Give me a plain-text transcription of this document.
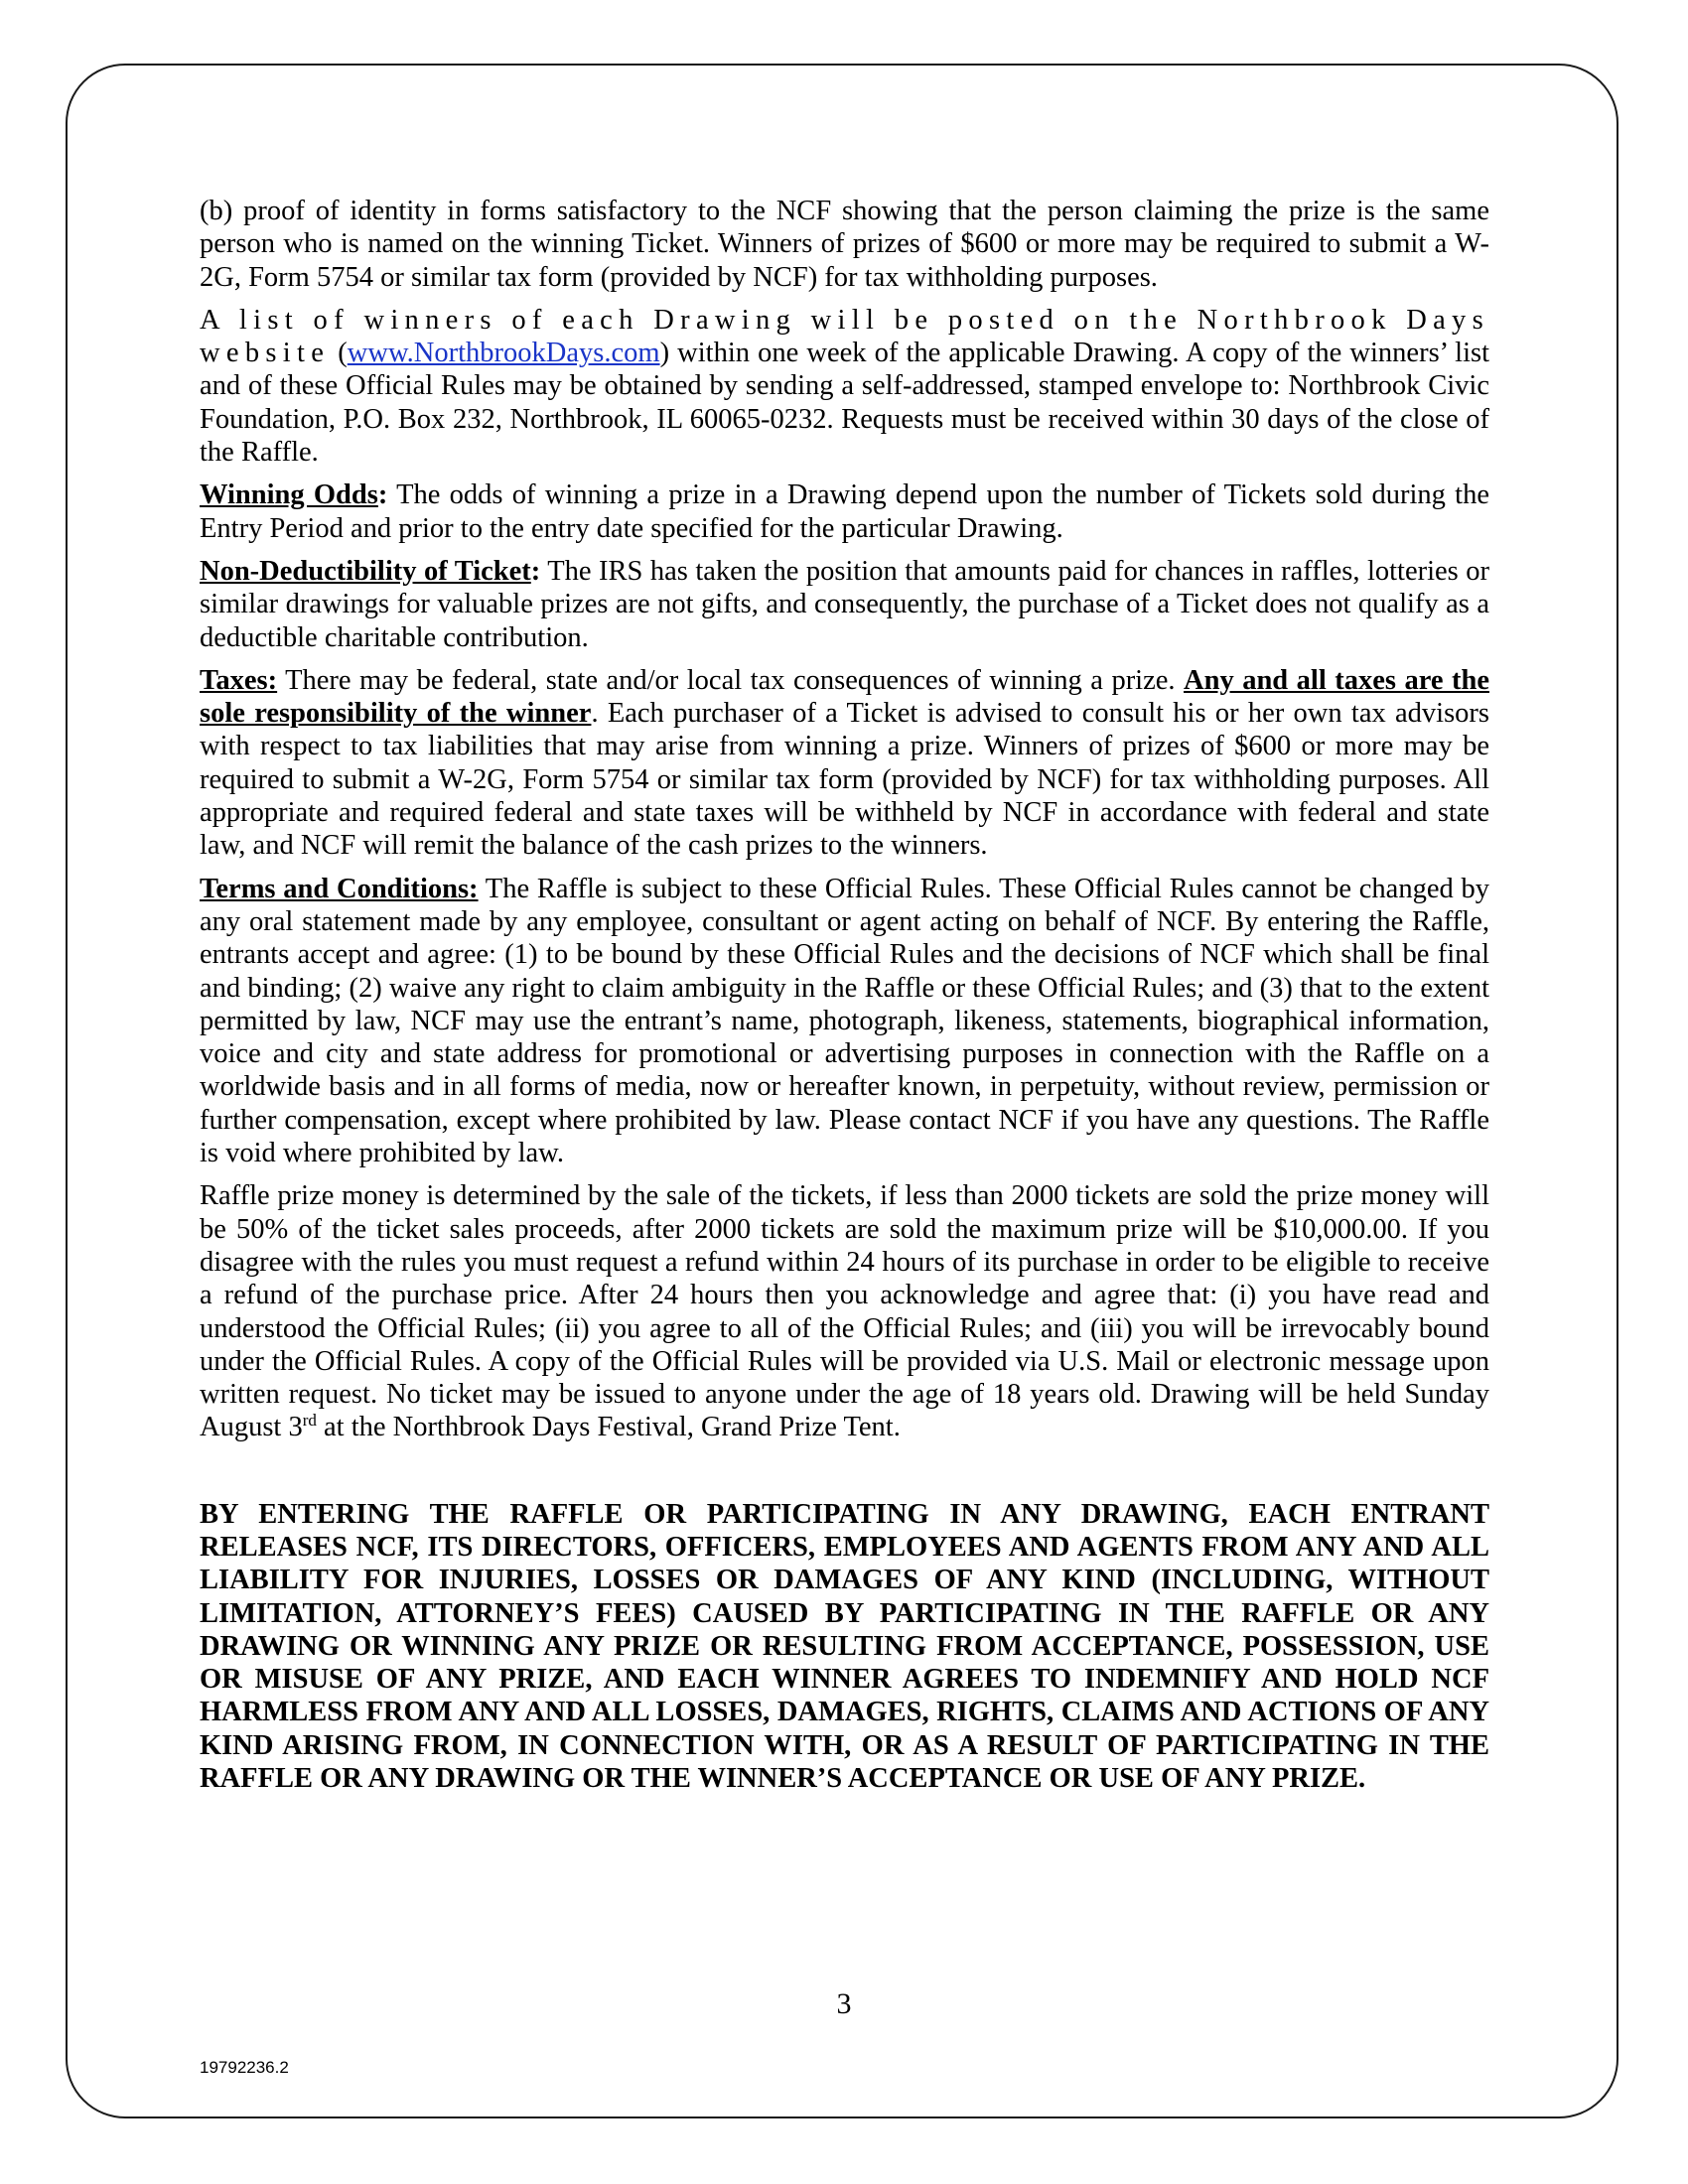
(b) proof of identity in forms satisfactory to the NCF showing that the person claiming the prize is the same person who is named on the winning Ticket. Winners of prizes of $600 or more may be required to submit a W-2G, Form 5754 or similar tax form (provided by NCF) for tax withholding purposes.

A list of winners of each Drawing will be posted on the Northbrook Days website (www.NorthbrookDays.com) within one week of the applicable Drawing. A copy of the winners’ list and of these Official Rules may be obtained by sending a self-addressed, stamped envelope to: Northbrook Civic Foundation, P.O. Box 232, Northbrook, IL 60065-0232. Requests must be received within 30 days of the close of the Raffle.

Winning Odds: The odds of winning a prize in a Drawing depend upon the number of Tickets sold during the Entry Period and prior to the entry date specified for the particular Drawing.

Non-Deductibility of Ticket: The IRS has taken the position that amounts paid for chances in raffles, lotteries or similar drawings for valuable prizes are not gifts, and consequently, the purchase of a Ticket does not qualify as a deductible charitable contribution.

Taxes: There may be federal, state and/or local tax consequences of winning a prize. Any and all taxes are the sole responsibility of the winner. Each purchaser of a Ticket is advised to consult his or her own tax advisors with respect to tax liabilities that may arise from winning a prize. Winners of prizes of $600 or more may be required to submit a W-2G, Form 5754 or similar tax form (provided by NCF) for tax withholding purposes. All appropriate and required federal and state taxes will be withheld by NCF in accordance with federal and state law, and NCF will remit the balance of the cash prizes to the winners.

Terms and Conditions: The Raffle is subject to these Official Rules. These Official Rules cannot be changed by any oral statement made by any employee, consultant or agent acting on behalf of NCF. By entering the Raffle, entrants accept and agree: (1) to be bound by these Official Rules and the decisions of NCF which shall be final and binding; (2) waive any right to claim ambiguity in the Raffle or these Official Rules; and (3) that to the extent permitted by law, NCF may use the entrant’s name, photograph, likeness, statements, biographical information, voice and city and state address for promotional or advertising purposes in connection with the Raffle on a worldwide basis and in all forms of media, now or hereafter known, in perpetuity, without review, permission or further compensation, except where prohibited by law. Please contact NCF if you have any questions. The Raffle is void where prohibited by law.

Raffle prize money is determined by the sale of the tickets, if less than 2000 tickets are sold the prize money will be 50% of the ticket sales proceeds, after 2000 tickets are sold the maximum prize will be $10,000.00. If you disagree with the rules you must request a refund within 24 hours of its purchase in order to be eligible to receive a refund of the purchase price. After 24 hours then you acknowledge and agree that: (i) you have read and understood the Official Rules; (ii) you agree to all of the Official Rules; and (iii) you will be irrevocably bound under the Official Rules. A copy of the Official Rules will be provided via U.S. Mail or electronic message upon written request. No ticket may be issued to anyone under the age of 18 years old. Drawing will be held Sunday August 3rd at the Northbrook Days Festival, Grand Prize Tent.

BY ENTERING THE RAFFLE OR PARTICIPATING IN ANY DRAWING, EACH ENTRANT RELEASES NCF, ITS DIRECTORS, OFFICERS, EMPLOYEES AND AGENTS FROM ANY AND ALL LIABILITY FOR INJURIES, LOSSES OR DAMAGES OF ANY KIND (INCLUDING, WITHOUT LIMITATION, ATTORNEY’S FEES) CAUSED BY PARTICIPATING IN THE RAFFLE OR ANY DRAWING OR WINNING ANY PRIZE OR RESULTING FROM ACCEPTANCE, POSSESSION, USE OR MISUSE OF ANY PRIZE, AND EACH WINNER AGREES TO INDEMNIFY AND HOLD NCF HARMLESS FROM ANY AND ALL LOSSES, DAMAGES, RIGHTS, CLAIMS AND ACTIONS OF ANY KIND ARISING FROM, IN CONNECTION WITH, OR AS A RESULT OF PARTICIPATING IN THE RAFFLE OR ANY DRAWING OR THE WINNER’S ACCEPTANCE OR USE OF ANY PRIZE.

3
19792236.2
